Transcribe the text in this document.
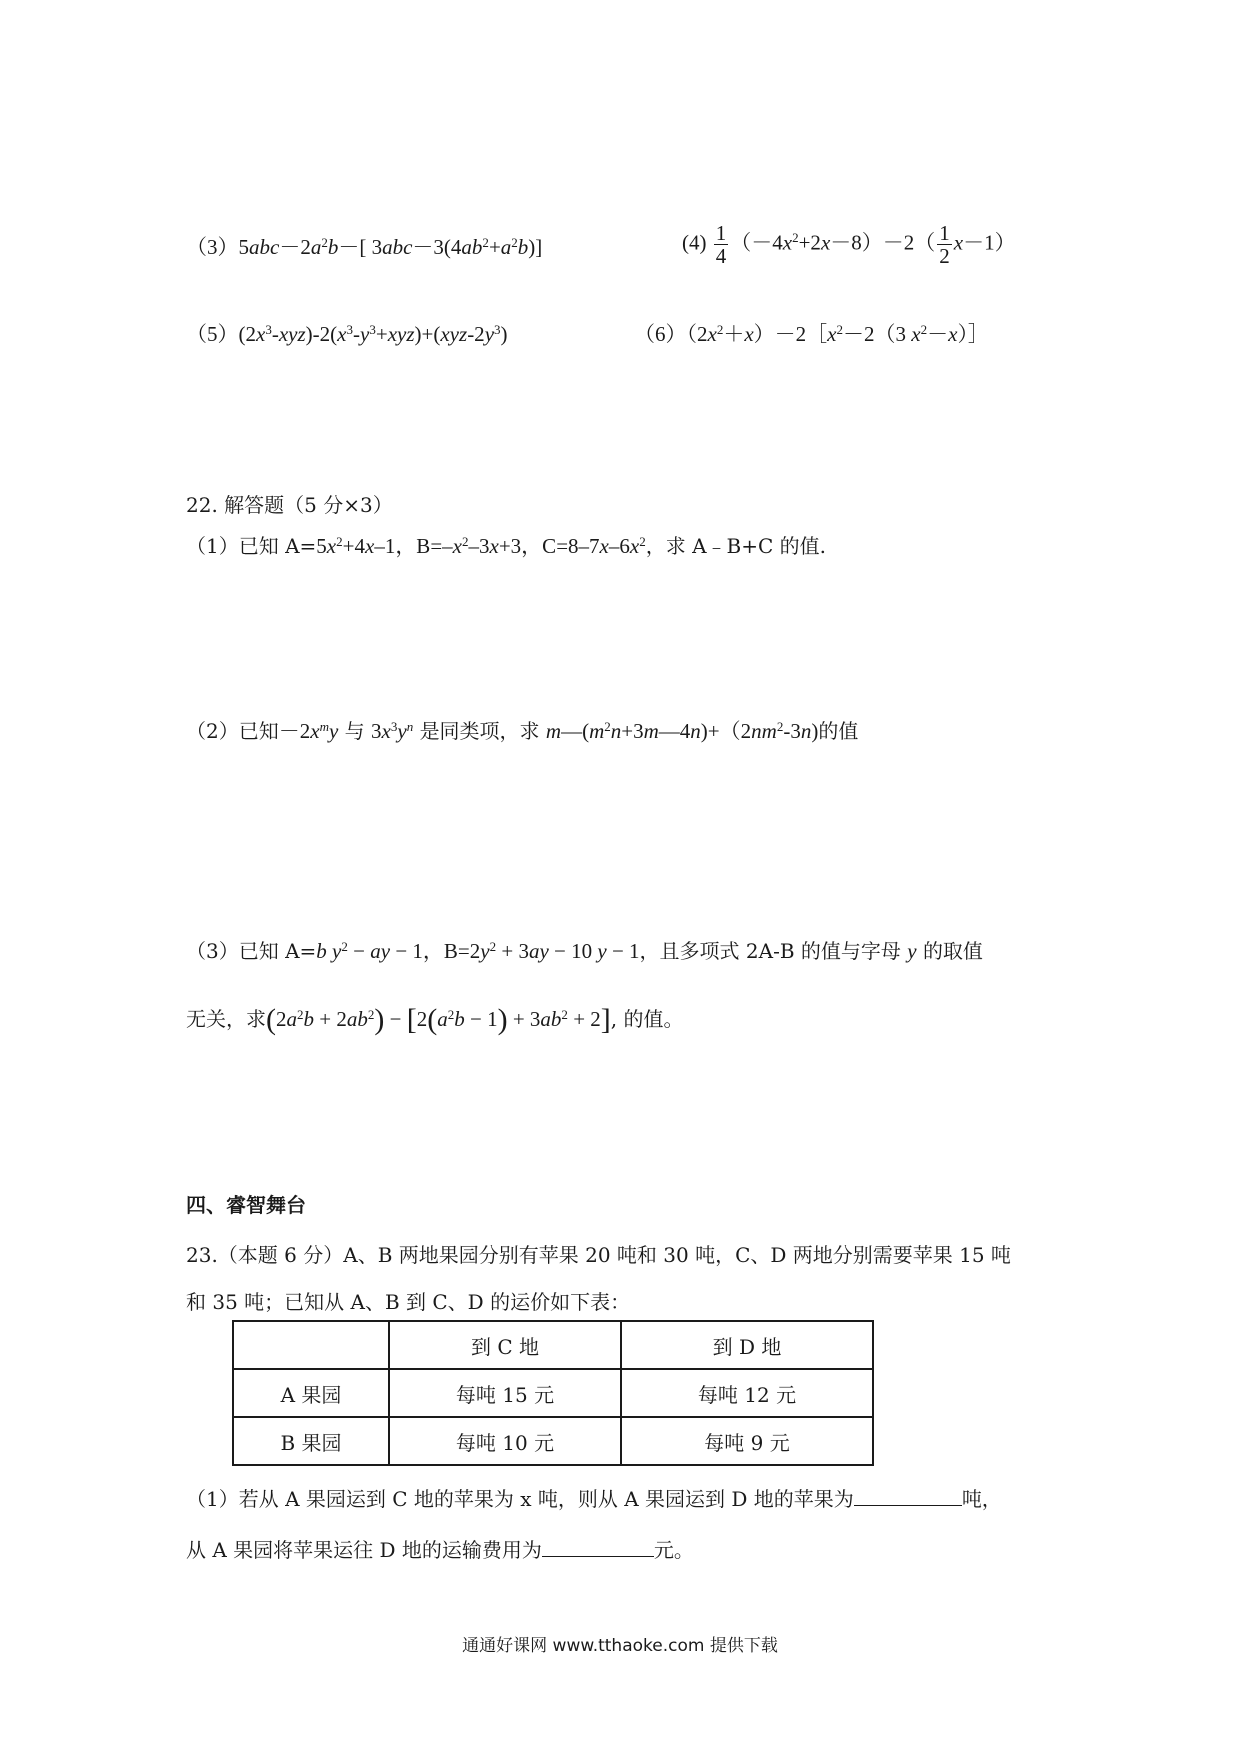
$(3)5abc-2a^2b-$[ $3abc-3(4ab^2+a^2b)$]	$(4) \frac{1}{4} (-4x^2+2x-8)-2( \frac{1}{2} x-1)$
$(5)(2x^3-xyz)-2(x^3-y^3+xyz)+(xyz-2y^3)$	$(6)(2x^2+x)-2[x^2-2(3$ $x^2-x)]$
22. 解答题（5 分×3）
（1）已知 $A=5x^2+4x-1$，$B=-x^2-3x+3$，$C=8-7x-6x^2$，求 A﹣B+C 的值.
（2）已知$-2x^my$ 与 $3x^3y^n$ 是同类项，求 $m—(m^2n+3m—4n)+(2nm^2-3n)$的值
（3）已知 A=b $y^2$ − ay − 1，$B=2y^2 + 3ay - 10$ y − 1，且多项式 2A-B 的值与字母 y 的取值
无关，求$(2a^2b + 2ab^2) - [2(a^2b - 1) + 3ab^2 + 2]$, 的值。
四、睿智舞台
23.（本题 6 分）A、B 两地果园分别有苹果 20 吨和 30 吨，C、D 两地分别需要苹果 15 吨
和 35 吨；已知从 A、B 到 C、D 的运价如下表：
	到 C 地	到 D 地
A 果园	每吨 15 元	每吨 12 元
B 果园	每吨 10 元	每吨 9 元
（1）若从 A 果园运到 C 地的苹果为 x 吨，则从 A 果园运到 D 地的苹果为	吨，
从 A 果园将苹果运往 D 地的运输费用为	元。
通通好课网 www.tthaoke.com 提供下载
